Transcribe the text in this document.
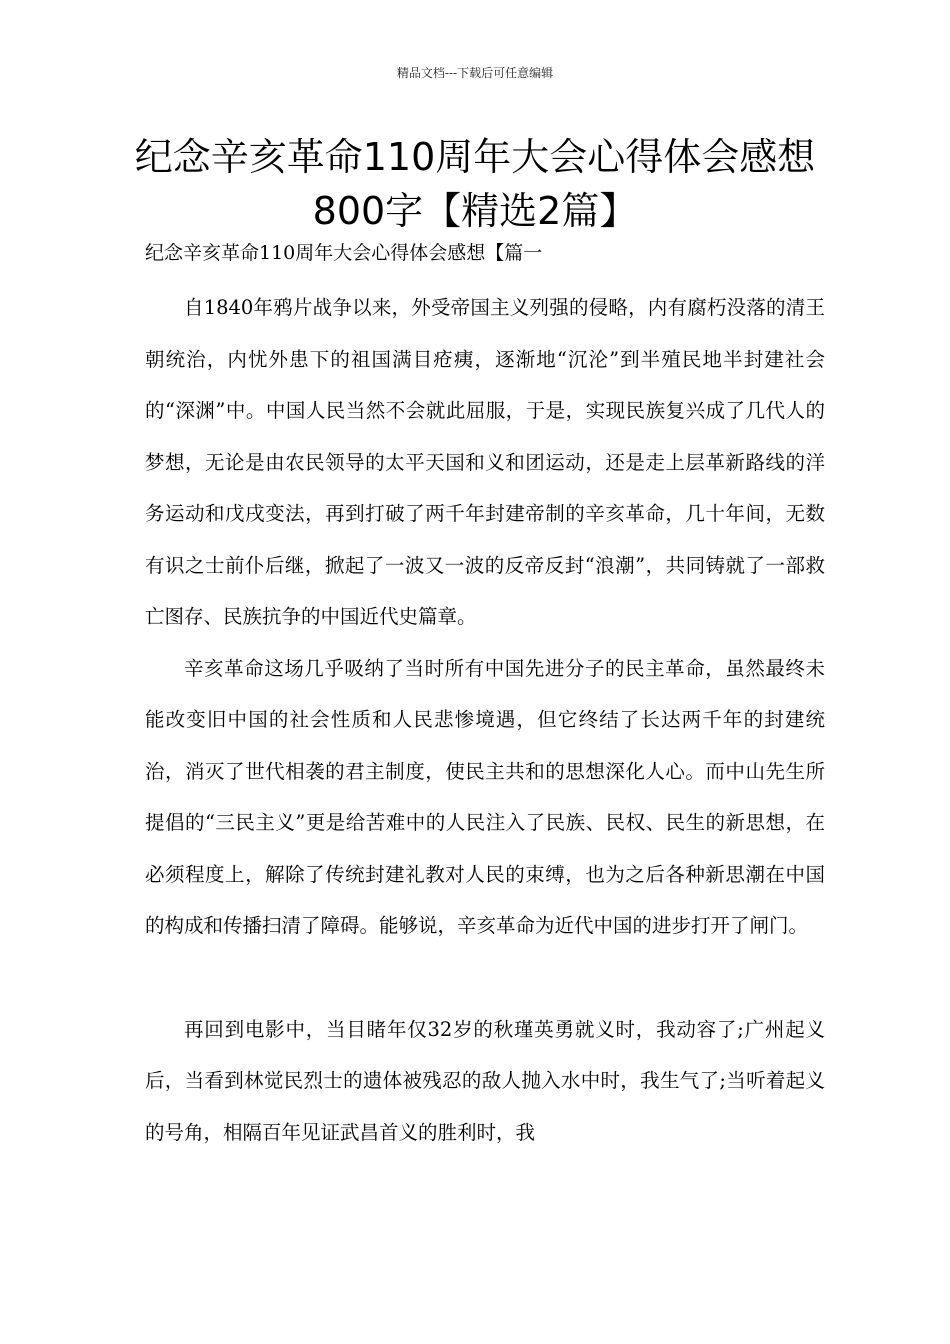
精品文档---下载后可任意编辑
纪念辛亥革命110周年大会心得体会感想800字【精选2篇】
纪念辛亥革命110周年大会心得体会感想【篇一

自1840年鸦片战争以来，外受帝国主义列强的侵略，内有腐朽没落的清王朝统治，内忧外患下的祖国满目疮痍，逐渐地“沉沦”到半殖民地半封建社会的“深渊”中。中国人民当然不会就此屈服，于是，实现民族复兴成了几代人的梦想，无论是由农民领导的太平天国和义和团运动，还是走上层革新路线的洋务运动和戊戌变法，再到打破了两千年封建帝制的辛亥革命，几十年间，无数有识之士前仆后继，掀起了一波又一波的反帝反封“浪潮”，共同铸就了一部救亡图存、民族抗争的中国近代史篇章。

辛亥革命这场几乎吸纳了当时所有中国先进分子的民主革命，虽然最终未能改变旧中国的社会性质和人民悲惨境遇，但它终结了长达两千年的封建统治，消灭了世代相袭的君主制度，使民主共和的思想深化人心。而中山先生所提倡的“三民主义”更是给苦难中的人民注入了民族、民权、民生的新思想，在必须程度上，解除了传统封建礼教对人民的束缚，也为之后各种新思潮在中国的构成和传播扫清了障碍。能够说，辛亥革命为近代中国的进步打开了闸门。

再回到电影中，当目睹年仅32岁的秋瑾英勇就义时，我动容了;广州起义后，当看到林觉民烈士的遗体被残忍的敌人抛入水中时，我生气了;当听着起义的号角，相隔百年见证武昌首义的胜利时，我
